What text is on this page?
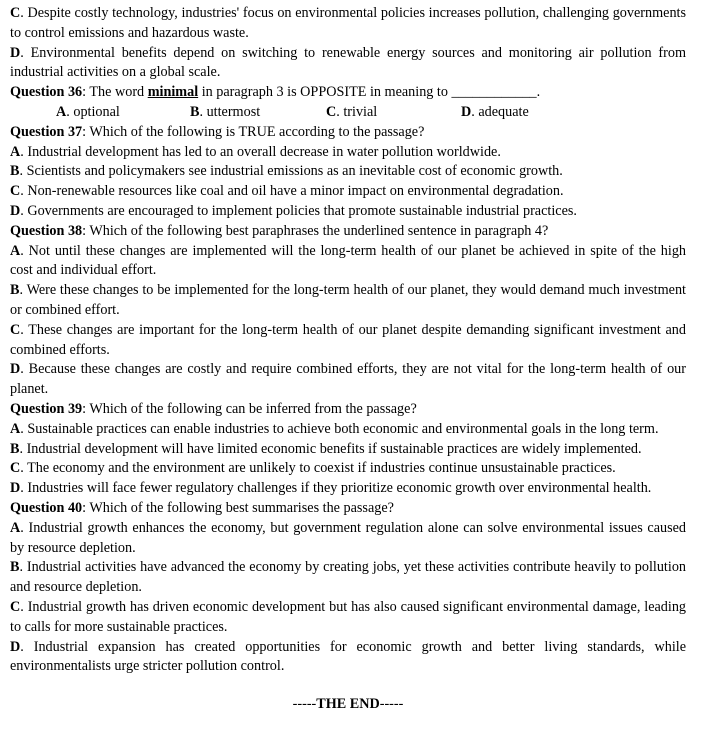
C. Despite costly technology, industries' focus on environmental policies increases pollution, challenging governments to control emissions and hazardous waste.

D. Environmental benefits depend on switching to renewable energy sources and monitoring air pollution from industrial activities on a global scale.

Question 36: The word minimal in paragraph 3 is OPPOSITE in meaning to ____________.

A. optional	B. uttermost	C. trivial	D. adequate

Question 37: Which of the following is TRUE according to the passage?

A. Industrial development has led to an overall decrease in water pollution worldwide.

B. Scientists and policymakers see industrial emissions as an inevitable cost of economic growth.

C. Non-renewable resources like coal and oil have a minor impact on environmental degradation.

D. Governments are encouraged to implement policies that promote sustainable industrial practices.

Question 38: Which of the following best paraphrases the underlined sentence in paragraph 4?

A. Not until these changes are implemented will the long-term health of our planet be achieved in spite of the high cost and individual effort.

B. Were these changes to be implemented for the long-term health of our planet, they would demand much investment or combined effort.

C. These changes are important for the long-term health of our planet despite demanding significant investment and combined efforts.

D. Because these changes are costly and require combined efforts, they are not vital for the long-term health of our planet.

Question 39: Which of the following can be inferred from the passage?

A. Sustainable practices can enable industries to achieve both economic and environmental goals in the long term.

B. Industrial development will have limited economic benefits if sustainable practices are widely implemented.

C. The economy and the environment are unlikely to coexist if industries continue unsustainable practices.

D. Industries will face fewer regulatory challenges if they prioritize economic growth over environmental health.

Question 40: Which of the following best summarises the passage?

A. Industrial growth enhances the economy, but government regulation alone can solve environmental issues caused by resource depletion.

B. Industrial activities have advanced the economy by creating jobs, yet these activities contribute heavily to pollution and resource depletion.

C. Industrial growth has driven economic development but has also caused significant environmental damage, leading to calls for more sustainable practices.

D. Industrial expansion has created opportunities for economic growth and better living standards, while environmentalists urge stricter pollution control.

-----THE END-----
